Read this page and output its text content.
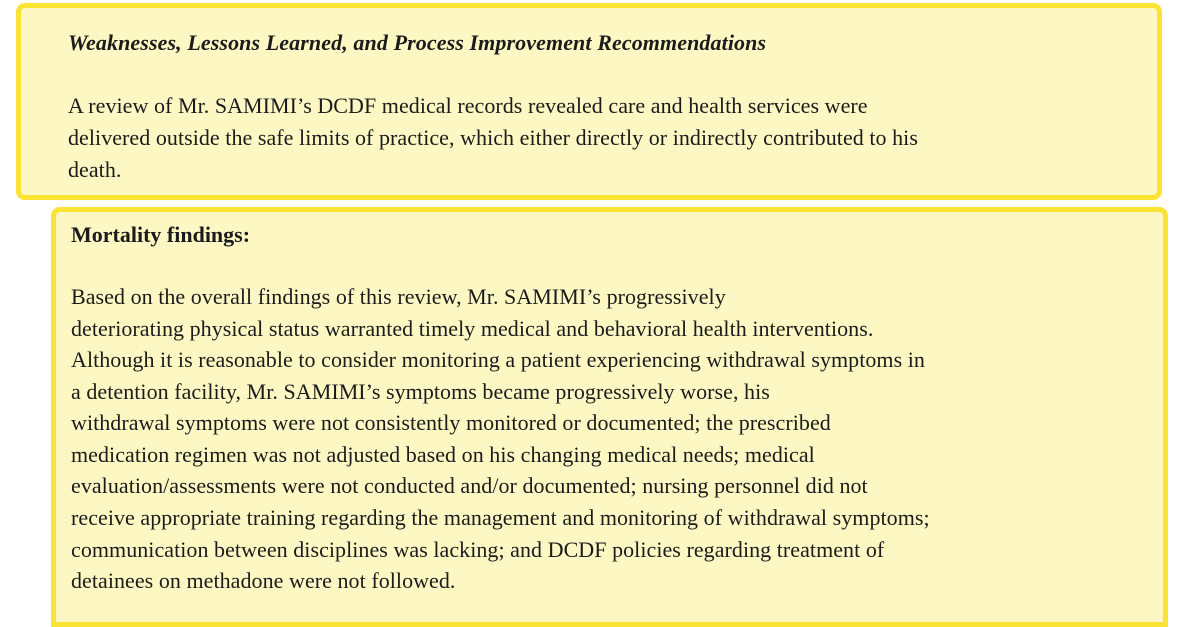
Weaknesses, Lessons Learned, and Process Improvement Recommendations
A review of Mr. SAMIMI’s DCDF medical records revealed care and health services were
delivered outside the safe limits of practice, which either directly or indirectly contributed to his
death.
Mortality findings:
Based on the overall findings of this review, Mr. SAMIMI’s progressively
deteriorating physical status warranted timely medical and behavioral health interventions.
Although it is reasonable to consider monitoring a patient experiencing withdrawal symptoms in
a detention facility, Mr. SAMIMI’s symptoms became progressively worse, his
withdrawal symptoms were not consistently monitored or documented; the prescribed
medication regimen was not adjusted based on his changing medical needs; medical
evaluation/assessments were not conducted and/or documented; nursing personnel did not
receive appropriate training regarding the management and monitoring of withdrawal symptoms;
communication between disciplines was lacking; and DCDF policies regarding treatment of
detainees on methadone were not followed.
